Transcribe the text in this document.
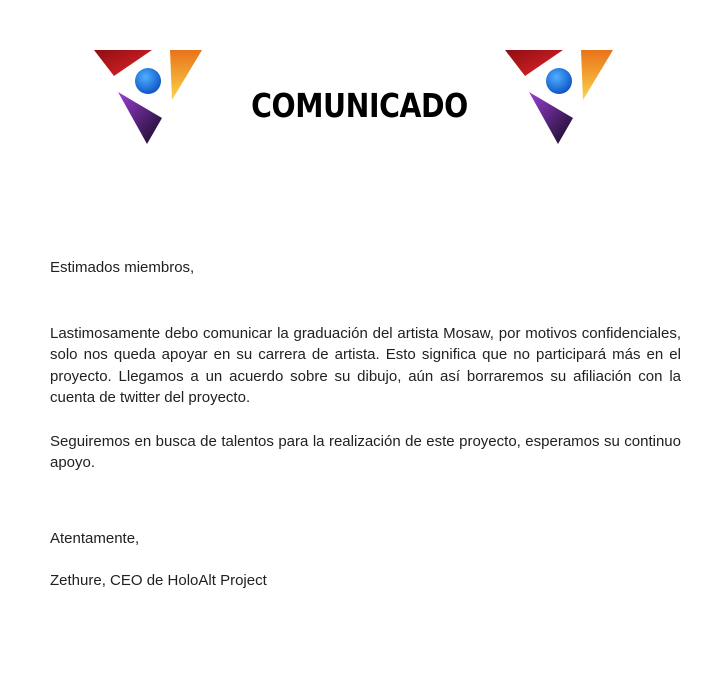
COMUNICADO

Estimados miembros,

Lastimosamente debo comunicar la graduación del artista Mosaw, por motivos confidenciales, solo nos queda apoyar en su carrera de artista. Esto significa que no participará más en el proyecto. Llegamos a un acuerdo sobre su dibujo, aún así borraremos su afiliación con la cuenta de twitter del proyecto.

Seguiremos en busca de talentos para la realización de este proyecto, esperamos su continuo apoyo.

Atentamente,

Zethure, CEO de HoloAlt Project
